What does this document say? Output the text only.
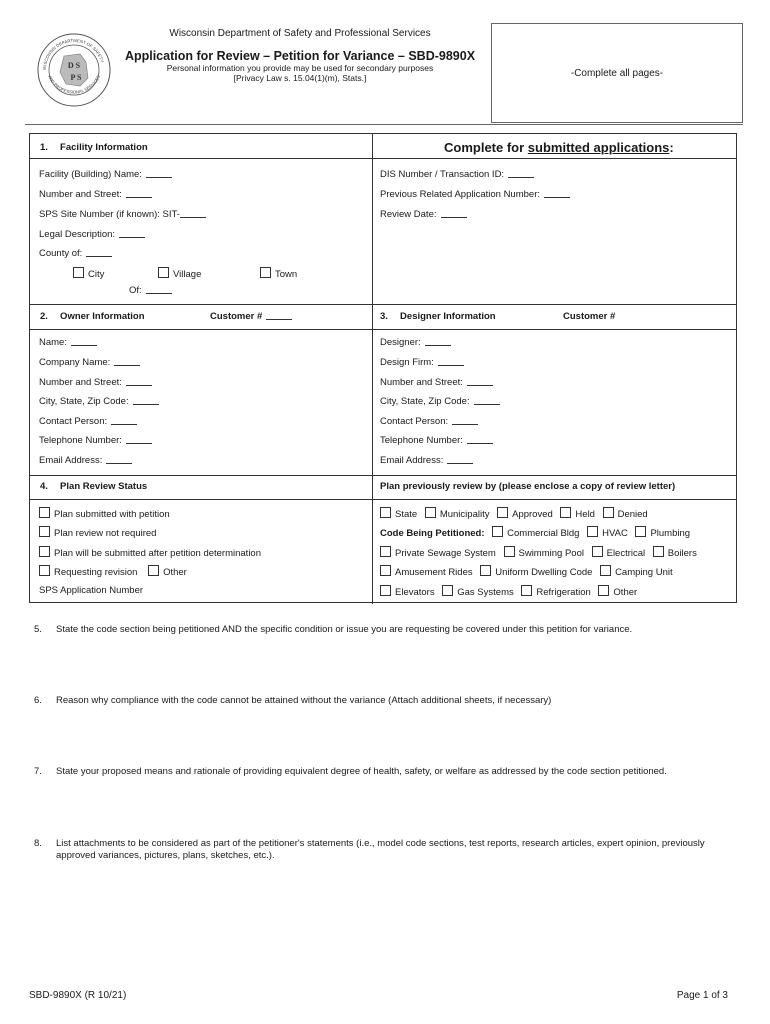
D S
P S
WISCONSIN DEPARTMENT OF SAFETY
AND PROFESSIONAL SERVICES
Wisconsin Department of Safety and Professional Services
Application for Review – Petition for Variance – SBD-9890X
Personal information you provide may be used for secondary purposes
[Privacy Law s. 15.04(1)(m), Stats.]	-Complete all pages-
1.  Facility Information
Facility (Building) Name:
Number and Street:
SPS Site Number (if known): SIT-
Legal Description:
County of:
City	Village	Town
Of:
Complete for submitted applications:
DIS Number / Transaction ID:
Previous Related Application Number:
Review Date:
2.  Owner Information	Customer #
Name:
Company Name:
Number and Street:
City, State, Zip Code:
Contact Person:
Telephone Number:
Email Address:
3.  Designer Information	Customer #
Designer:
Design Firm:
Number and Street:
City, State, Zip Code:
Contact Person:
Telephone Number:
Email Address:
4.  Plan Review Status
Plan submitted with petition
Plan review not required
Plan will be submitted after petition determination
Requesting revision	Other
SPS Application Number
Plan previously review by (please enclose a copy of review letter)
State Municipality Approved Held Denied
Code Being Petitioned: Commercial Bldg HVAC Plumbing
Private Sewage System Swimming Pool Electrical Boilers
Amusement Rides Uniform Dwelling Code Camping Unit
Elevators Gas Systems Refrigeration Other
5.	State the code section being petitioned AND the specific condition or issue you are requesting be covered under this petition for variance.
6.	Reason why compliance with the code cannot be attained without the variance (Attach additional sheets, if necessary)
7.	State your proposed means and rationale of providing equivalent degree of health, safety, or welfare as addressed by the code section petitioned.
8.	List attachments to be considered as part of the petitioner's statements (i.e., model code sections, test reports, research articles, expert opinion, previously approved variances, pictures, plans, sketches, etc.).
SBD-9890X (R 10/21)	Page 1 of 3
